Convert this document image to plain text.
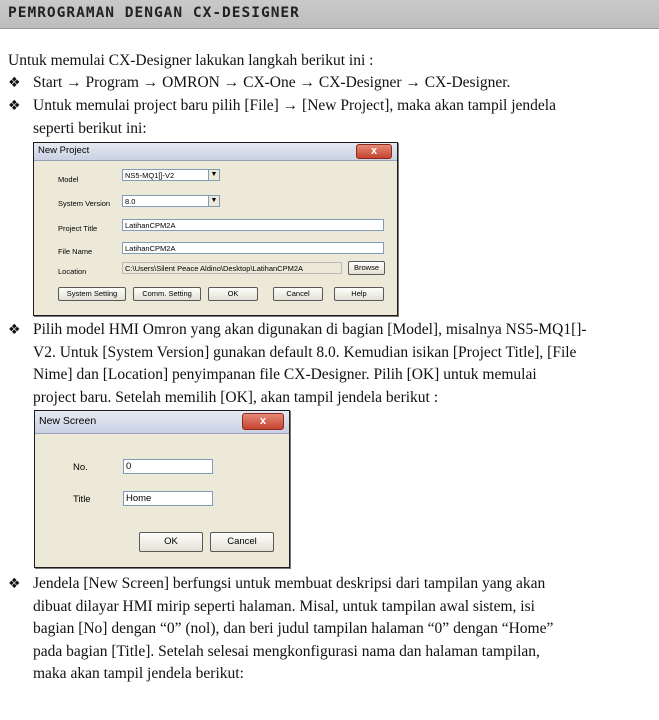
PEMROGRAMAN DENGAN CX-DESIGNER

Untuk memulai CX-Designer lakukan langkah berikut ini :

❖ Start → Program → OMRON → CX-One → CX-Designer → CX-Designer.
❖ Untuk memulai project baru pilih [File] → [New Project], maka akan tampil jendela
seperti berikut ini:
New Project	x
Model	NS5-MQ1[]-V2	▼
System Version	8.0	▼
Project Title	LatihanCPM2A
File Name	LatihanCPM2A
Location	C:\Users\Silent Peace Aldino\Desktop\LatihanCPM2A	Browse
System Setting	Comm. Setting	OK	Cancel	Help
❖ Pilih model HMI Omron yang akan digunakan di bagian [Model], misalnya NS5-MQ1[]-
V2. Untuk [System Version] gunakan default 8.0. Kemudian isikan [Project Title], [File
Nime] dan [Location] penyimpanan file CX-Designer. Pilih [OK] untuk memulai
project baru. Setelah memilih [OK], akan tampil jendela berikut :
New Screen	x
No.	0
Title	Home
OK	Cancel
❖ Jendela [New Screen] berfungsi untuk membuat deskripsi dari tampilan yang akan
dibuat dilayar HMI mirip seperti halaman. Misal, untuk tampilan awal sistem, isi
bagian [No] dengan “0” (nol), dan beri judul tampilan halaman “0” dengan “Home”
pada bagian [Title]. Setelah selesai mengkonfigurasi nama dan halaman tampilan,
maka akan tampil jendela berikut:
